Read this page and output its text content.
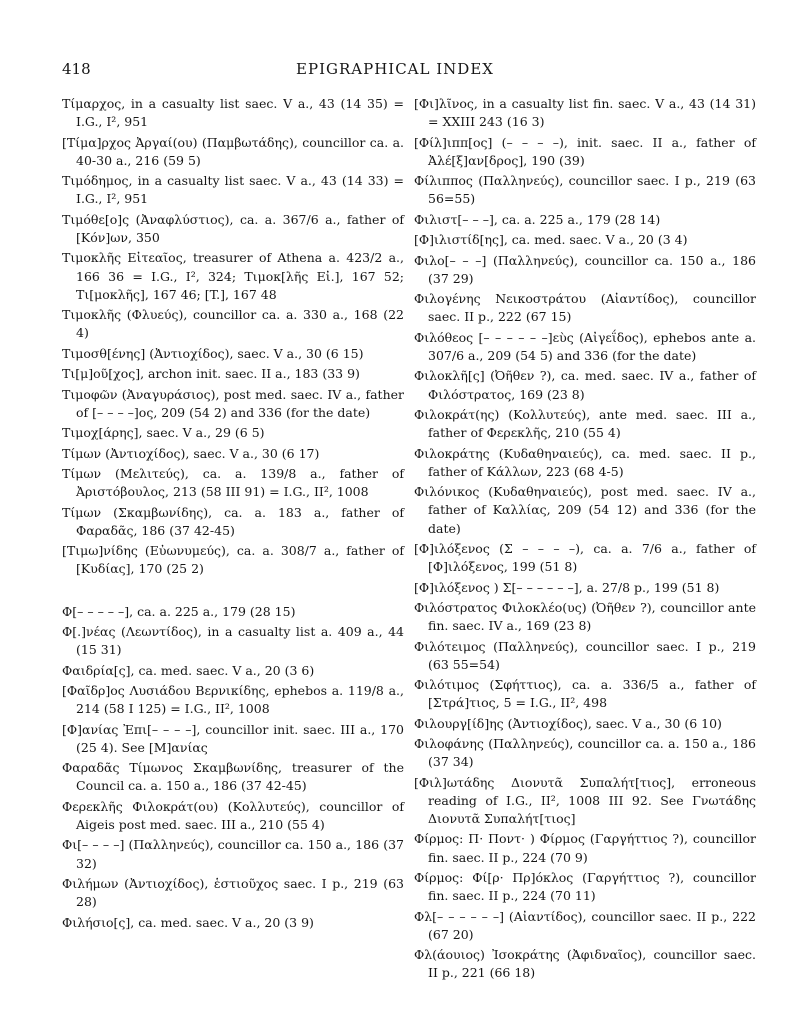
418	EPIGRAPHICAL INDEX
Τίμαρχος, in a casualty list saec. V a., 43 (14 35) = I.G., I², 951
[Τίμα]ρχος Ἀργαί(ου) (Παμβωτάδης), councillor ca. a. 40-30 a., 216 (59 5)
Τιμόδημος, in a casualty list saec. V a., 43 (14 33) = I.G., I², 951
Τιμόθε[ο]ς (Ἀναφλύστιος), ca. a. 367/6 a., father of [Κόν]ων, 350
Τιμοκλῆς Εἰτεαῖος, treasurer of Athena a. 423/2 a., 166 36 = I.G., I², 324; Τιμοκ[λῆς Εἰ.], 167 52; Τι[μοκλῆς], 167 46; [T.], 167 48
Τιμοκλῆς (Φλυεύς), councillor ca. a. 330 a., 168 (22 4)
Τιμοσθ[ένης] (Ἀντιοχίδος), saec. V a., 30 (6 15)
Τι[μ]οῦ[χος], archon init. saec. II a., 183 (33 9)
Τιμοφῶν (Ἀναγυράσιος), post med. saec. IV a., father of [– – – –]ος, 209 (54 2) and 336 (for the date)
Τιμοχ[άρης], saec. V a., 29 (6 5)
Τίμων (Ἀντιοχίδος), saec. V a., 30 (6 17)
Τίμων (Μελιτεύς), ca. a. 139/8 a., father of Ἀριστόβουλος, 213 (58 III 91) = I.G., II², 1008
Τίμων (Σκαμβωνίδης), ca. a. 183 a., father of Φαραδᾶς, 186 (37 42-45)
[Τιμω]νίδης (Εὐωνυμεύς), ca. a. 308/7 a., father of [Κυδίας], 170 (25 2)
Φ[– – – – –], ca. a. 225 a., 179 (28 15)
Φ[.]νέας (Λεωντίδος), in a casualty list a. 409 a., 44 (15 31)
Φαιδρία[ς], ca. med. saec. V a., 20 (3 6)
[Φαῖδρ]ος Λυσιάδου Βερνικίδης, ephebos a. 119/8 a., 214 (58 I 125) = I.G., II², 1008
[Φ]ανίας Ἐπι[– – – –], councillor init. saec. III a., 170 (25 4). See [Μ]ανίας
Φαραδᾶς Τίμωνος Σκαμβωνίδης, treasurer of the Council ca. a. 150 a., 186 (37 42-45)
Φερεκλῆς Φιλοκράτ(ου) (Κολλυτεύς), councillor of Aigeis post med. saec. III a., 210 (55 4)
Φι[– – – –] (Παλληνεύς), councillor ca. 150 a., 186 (37 32)
Φιλήμων (Ἀντιοχίδος), ἑστιοῦχος saec. I p., 219 (63 28)
Φιλήσιο[ς], ca. med. saec. V a., 20 (3 9)
[Φι]λῖνος, in a casualty list fin. saec. V a., 43 (14 31) = XXIII 243 (16 3)
[Φίλ]ιππ[ος] (– – – –), init. saec. II a., father of Ἀλέ[ξ]αν[δρος], 190 (39)
Φίλιππος (Παλληνεύς), councillor saec. I p., 219 (63 56=55)
Φιλιστ[– – –], ca. a. 225 a., 179 (28 14)
[Φ]ιλιστίδ[ης], ca. med. saec. V a., 20 (3 4)
Φιλο[– – –] (Παλληνεύς), councillor ca. 150 a., 186 (37 29)
Φιλογένης Νεικοστράτου (Αἰαντίδος), councillor saec. II p., 222 (67 15)
Φιλόθεος [– – – – – –]εὺς (Αἰγεΐδος), ephebos ante a. 307/6 a., 209 (54 5) and 336 (for the date)
Φιλοκλῆ[ς] (Ὀῆθεν ?), ca. med. saec. IV a., father of Φιλόστρατος, 169 (23 8)
Φιλοκράτ(ης) (Κολλυτεύς), ante med. saec. III a., father of Φερεκλῆς, 210 (55 4)
Φιλοκράτης (Κυδαθηναιεύς), ca. med. saec. II p., father of Κάλλων, 223 (68 4-5)
Φιλόνικος (Κυδαθηναιεύς), post med. saec. IV a., father of Καλλίας, 209 (54 12) and 336 (for the date)
[Φ]ιλόξενος (Σ – – – –), ca. a. 7/6 a., father of [Φ]ιλόξενος, 199 (51 8)
[Φ]ιλόξενος ) Σ[– – – – – –], a. 27/8 p., 199 (51 8)
Φιλόστρατος Φιλοκλέο(υς) (Ὀῆθεν ?), councillor ante fin. saec. IV a., 169 (23 8)
Φιλότειμος (Παλληνεύς), councillor saec. I p., 219 (63 55=54)
Φιλότιμος (Σφήττιος), ca. a. 336/5 a., father of [Στρά]τιος, 5 = I.G., II², 498
Φιλουργ[ίδ]ης (Ἀντιοχίδος), saec. V a., 30 (6 10)
Φιλοφάνης (Παλληνεύς), councillor ca. a. 150 a., 186 (37 34)
[Φιλ]ωτάδης Διονυτᾶ Συπαλήτ[τιος], erroneous reading of I.G., II², 1008 III 92. See Γνωτάδης Διονυτᾶ Συπαλήτ[τιος]
Φίρμος: Π· Ποντ· ) Φίρμος (Γαργήττιος ?), councillor fin. saec. II p., 224 (70 9)
Φίρμος: Φί[ρ· Πρ]όκλος (Γαργήττιος ?), councillor fin. saec. II p., 224 (70 11)
Φλ[– – – – – –] (Αἰαντίδος), councillor saec. II p., 222 (67 20)
Φλ(άουιος) Ἰσοκράτης (Ἀφιδναῖος), councillor saec. II p., 221 (66 18)
